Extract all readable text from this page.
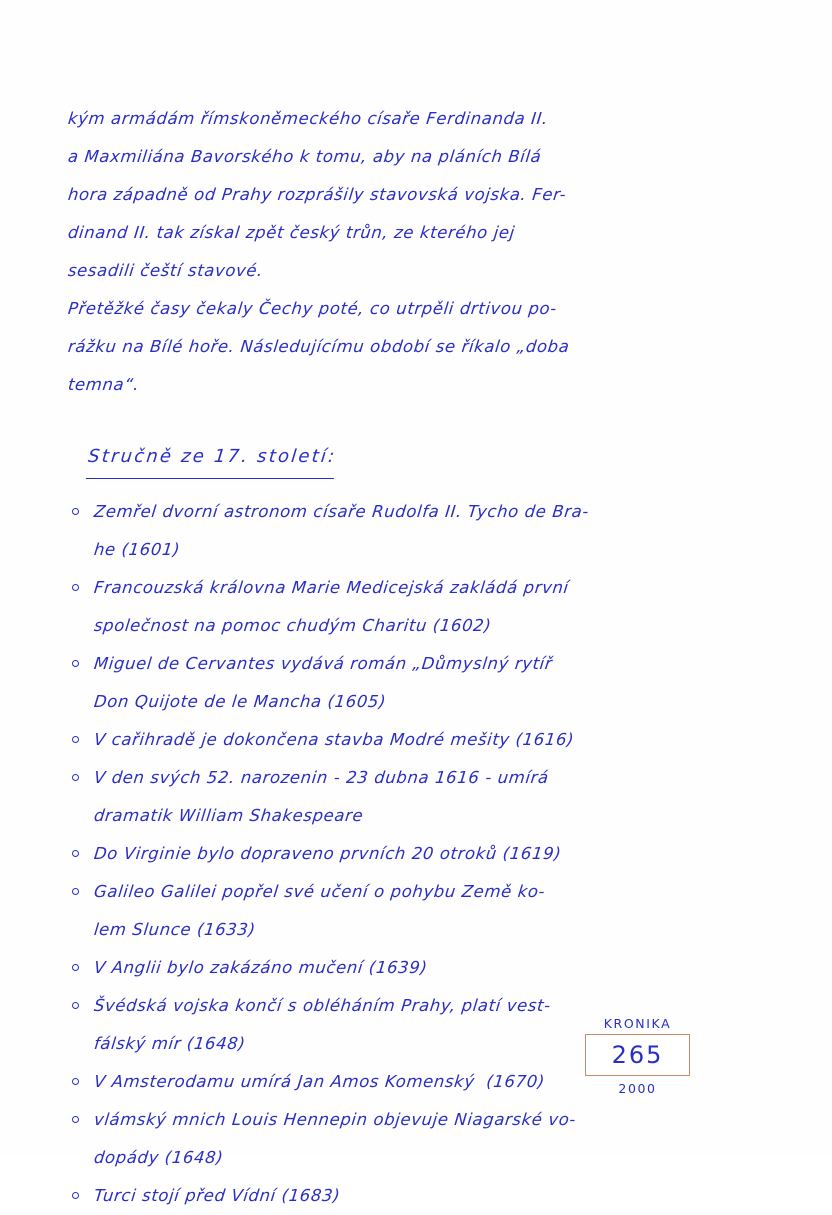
kým armádám římskoněmeckého císaře Ferdinanda II.
a Maxmiliána Bavorského k tomu, aby na pláních Bílá
hora západně od Prahy rozprášily stavovská vojska. Fer-
dinand II. tak získal zpět český trůn, ze kterého jej
sesadili čeští stavové.
Přetěžké časy čekaly Čechy poté, co utrpěli drtivou po-
rážku na Bílé hoře. Následujícímu období se říkalo „doba
temna“.
Stručně ze 17. století:
Zemřel dvorní astronom císaře Rudolfa II. Tycho de Bra-
he (1601)
Francouzská královna Marie Medicejská zakládá první
společnost na pomoc chudým Charitu (1602)
Miguel de Cervantes vydává román „Důmyslný rytíř
Don Quijote de le Mancha (1605)
V cařihradě je dokončena stavba Modré mešity (1616)
V den svých 52. narozenin - 23 dubna 1616 - umírá
dramatik William Shakespeare
Do Virginie bylo dopraveno prvních 20 otroků (1619)
Galileo Galilei popřel své učení o pohybu Země ko-
lem Slunce (1633)
V Anglii bylo zakázáno mučení (1639)
Švédská vojska končí s obléháním Prahy, platí vest-
fálský mír (1648)
V Amsterodamu umírá Jan Amos Komenský  (1670)
vlámský mnich Louis Hennepin objevuje Niagarské vo-
dopády (1648)
Turci stojí před Vídní (1683)
KRONIKA
265
2000
